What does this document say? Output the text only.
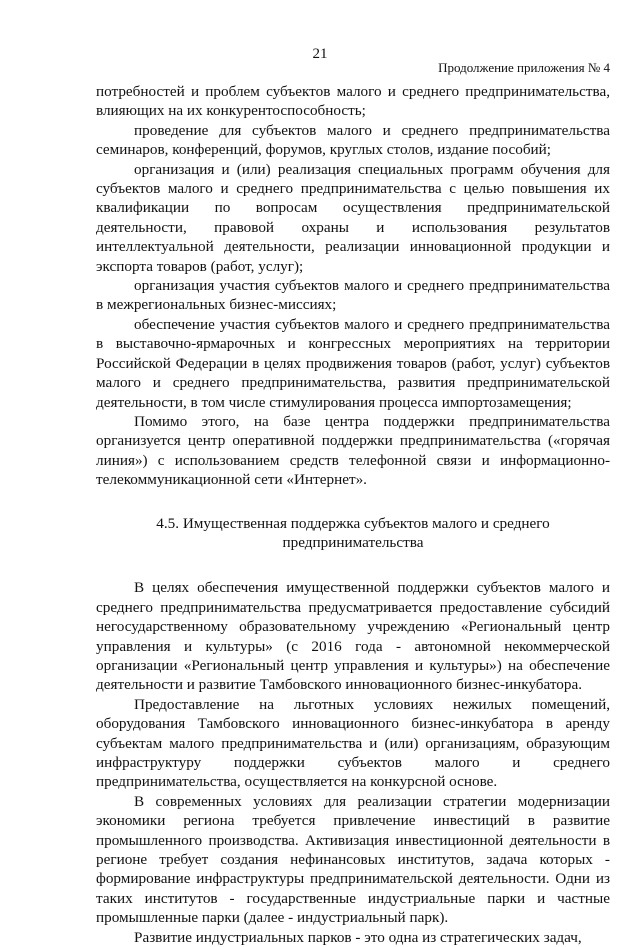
21
Продолжение приложения № 4

потребностей и проблем субъектов малого и среднего предпринимательства, влияющих на их конкурентоспособность;

проведение для субъектов малого и среднего предпринимательства семинаров, конференций, форумов, круглых столов, издание пособий;

организация и (или) реализация специальных программ обучения для субъектов малого и среднего предпринимательства с целью повышения их квалификации по вопросам осуществления предпринимательской деятельности, правовой охраны и использования результатов интеллектуальной деятельности, реализации инновационной продукции и экспорта товаров (работ, услуг);

организация участия субъектов малого и среднего предпринимательства в межрегиональных бизнес-миссиях;

обеспечение участия субъектов малого и среднего предпринимательства в выставочно-ярмарочных и конгрессных мероприятиях на территории Российской Федерации в целях продвижения товаров (работ, услуг) субъектов малого и среднего предпринимательства, развития предпринимательской деятельности, в том числе стимулирования процесса импортозамещения;

Помимо этого, на базе центра поддержки предпринимательства организуется центр оперативной поддержки предпринимательства («горячая линия») с использованием средств телефонной связи и информационно-телекоммуникационной сети «Интернет».

4.5. Имущественная поддержка субъектов малого и среднего предпринимательства

В целях обеспечения имущественной поддержки субъектов малого и среднего предпринимательства предусматривается предоставление субсидий негосударственному образовательному учреждению «Региональный центр управления и культуры» (с 2016 года - автономной некоммерческой организации «Региональный центр управления и культуры») на обеспечение деятельности и развитие Тамбовского инновационного бизнес-инкубатора.

Предоставление на льготных условиях нежилых помещений, оборудования Тамбовского инновационного бизнес-инкубатора в аренду субъектам малого предпринимательства и (или) организациям, образующим инфраструктуру поддержки субъектов малого и среднего предпринимательства, осуществляется на конкурсной основе.

В современных условиях для реализации стратегии модернизации экономики региона требуется привлечение инвестиций в развитие промышленного производства. Активизация инвестиционной деятельности в регионе требует создания нефинансовых институтов, задача которых - формирование инфраструктуры предпринимательской деятельности. Одни из таких институтов - государственные индустриальные парки и частные промышленные парки (далее - индустриальный парк).

Развитие индустриальных парков - это одна из стратегических задач,
